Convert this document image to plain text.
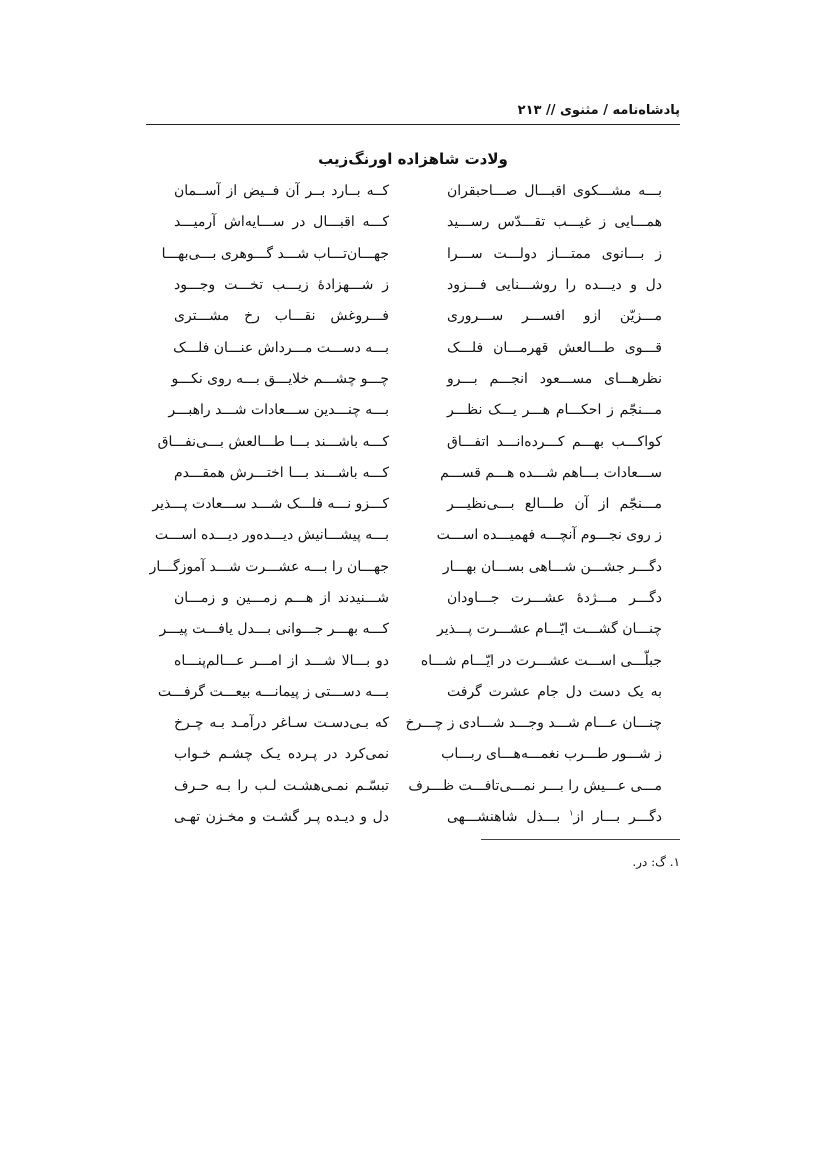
پادشاه‌نامه / مثنوی // ۲۱۳
ولادت شاهزاده اورنگ‌زیب
بـــه مشـــکوی اقبـــال صـــاحبقران
کــه بــارد بــر آن فــیض از آســمان
همـــایی ز غیـــب تقـــدّس رســـید
کـــه اقبـــال در ســـایه‌اش آرمیـــد
ز بـــانوی ممتـــاز دولـــت ســـرا
جهـــان‌تـــاب شـــد گـــوهری بـــی‌بهـــا
دل و دیـــده را روشـــنایی فـــزود
ز شـــهزادهٔ زیـــب تخـــت وجـــود
مـــزیّن ازو افســـر ســـروری
فـــروغش نقـــاب رخ مشـــتری
قـــوی طـــالعش قهرمـــان فلـــک
بـــه دســـت مـــرداش عنـــان فلـــک
نظرهـــای مســـعود انجـــم بـــرو
چـــو چشـــم خلایـــق بـــه روی نکـــو
مـــنجّم ز احکـــام هـــر یـــک نظـــر
بـــه چنـــدین ســـعادات شـــد راهبـــر
کواکـــب بهـــم کـــرده‌انـــد اتفـــاق
کـــه باشـــند بـــا طـــالعش بـــی‌نفـــاق
ســـعادات بـــاهم شـــده هـــم قســـم
کـــه باشـــند بـــا اختـــرش همقـــدم
مـــنجّم از آن طـــالع بـــی‌نظیـــر
کـــزو نـــه فلـــک شـــد ســـعادت پـــذیر
ز روی نجـــوم آنچـــه فهمیـــده اســـت
بـــه پیشـــانیش دیـــده‌ور دیـــده اســـت
دگـــر جشـــن شـــاهی بســـان بهـــار
جهـــان را بـــه عشـــرت شـــد آموزگـــار
دگـــر مـــژدهٔ عشـــرت جـــاودان
شـــنیدند از هـــم زمـــین و زمـــان
چنـــان گشـــت ایّـــام عشـــرت پـــذیر
کـــه بهـــر جـــوانی بـــدل یافـــت پیـــر
جبلّـــی اســـت عشـــرت در ایّـــام شـــاه
دو بـــالا شـــد از امـــر عـــالم‌پنـــاه
به یک دست دل جام عشرت گرفت
بـــه دســـتی ز پیمانـــه بیعـــت گرفـــت
چنـــان عـــام شـــد وجـــد شـــادی ز چـــرخ
که بـی‌دسـت سـاغر درآمـد بـه چـرخ
ز شـــور طـــرب نغمـــه‌هـــای ربـــاب
نمی‌کرد در پـرده یـک چشـم خـواب
مـــی عـــیش را بـــر نمـــی‌تافـــت ظـــرف
تبسّـم نمـی‌هشـت لـب را بـه حـرف
دگـــر بـــار از$^۱$ بـــذل شاهنشـــهی
دل و دیـده پـر گشـت و مخـزن تهـی
۱. گ: در.
